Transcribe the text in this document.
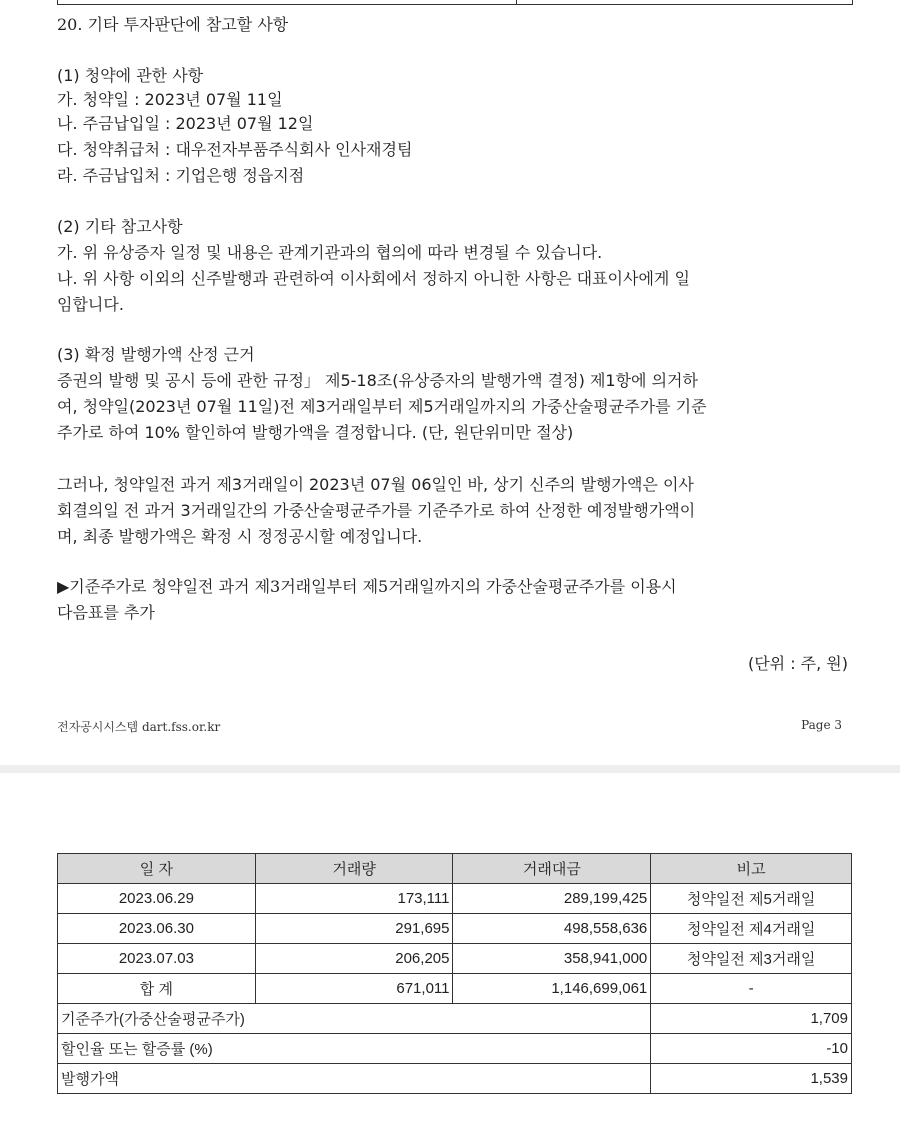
20. 기타 투자판단에 참고할 사항
(1) 청약에 관한 사항
가. 청약일 : 2023년 07월 11일
나. 주금납입일 : 2023년 07월 12일
다. 청약취급처 : 대우전자부품주식회사 인사재경팀
라. 주금납입처 : 기업은행 정읍지점
(2) 기타 참고사항
가. 위 유상증자 일정 및 내용은 관계기관과의 협의에 따라 변경될 수 있습니다.
나. 위 사항 이외의 신주발행과 관련하여 이사회에서 정하지 아니한 사항은 대표이사에게 일
임합니다.
(3) 확정 발행가액 산정 근거
증권의 발행 및 공시 등에 관한 규정」 제5-18조(유상증자의 발행가액 결정) 제1항에 의거하
여, 청약일(2023년 07월 11일)전 제3거래일부터 제5거래일까지의 가중산술평균주가를 기준
주가로 하여 10% 할인하여 발행가액을 결정합니다. (단, 원단위미만 절상)
그러나, 청약일전 과거 제3거래일이 2023년 07월 06일인 바, 상기 신주의 발행가액은 이사
회결의일 전 과거 3거래일간의 가중산술평균주가를 기준주가로 하여 산정한 예정발행가액이
며, 최종 발행가액은 확정 시 정정공시할 예정입니다.
▶기준주가로 청약일전 과거 제3거래일부터 제5거래일까지의 가중산술평균주가를 이용시
다음표를 추가
(단위 : 주, 원)
전자공시시스템 dart.fss.or.kr	Page 3
일 자	거래량	거래대금	비고
2023.06.29	173,111	289,199,425	청약일전 제5거래일
2023.06.30	291,695	498,558,636	청약일전 제4거래일
2023.07.03	206,205	358,941,000	청약일전 제3거래일
합 계	671,011	1,146,699,061	-
기준주가(가중산술평균주가)			1,709
할인율 또는 할증률 (%)			-10
발행가액			1,539
